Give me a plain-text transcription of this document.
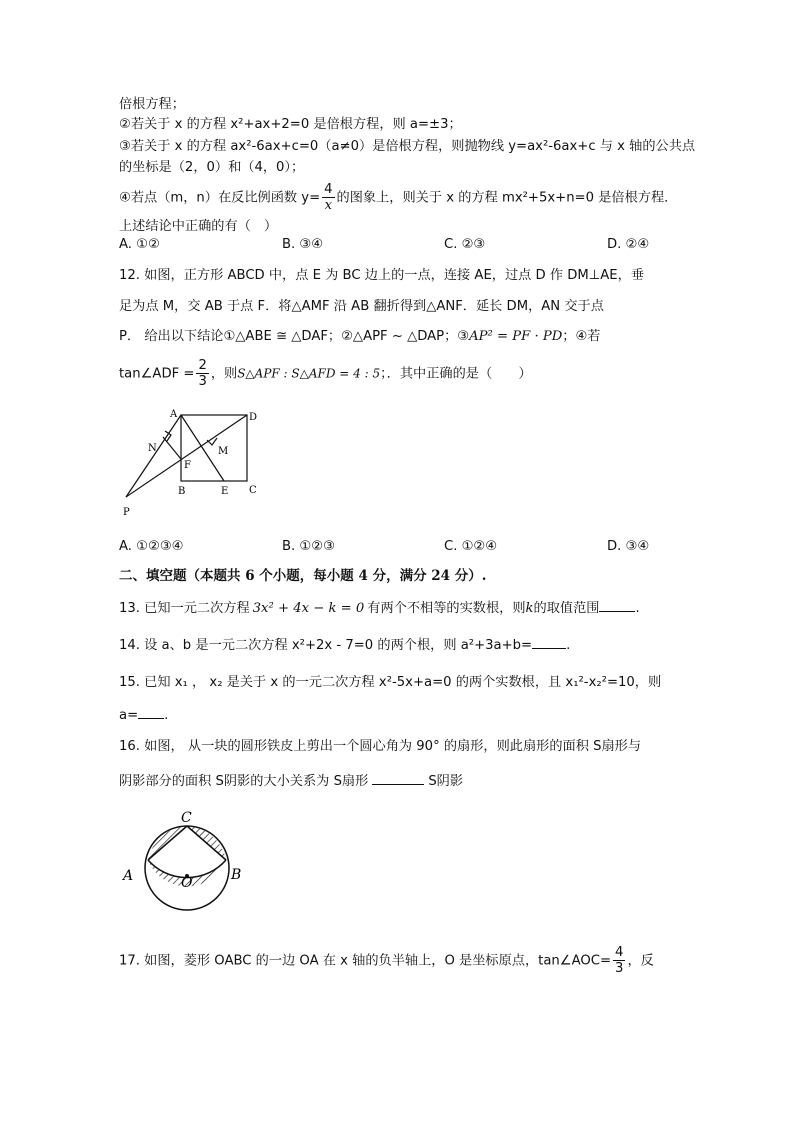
倍根方程；
②若关于 x 的方程 x²+ax+2=0 是倍根方程，则 a=±3；
③若关于 x 的方程 ax²-6ax+c=0（a≠0）是倍根方程，则抛物线 y=ax²-6ax+c 与 x 轴的公共点
的坐标是（2，0）和（4，0）；
④若点（m，n）在反比例函数 $y= \frac{4}{x}$ 的图象上，则关于 x 的方程 mx²+5x+n=0 是倍根方程．
上述结论中正确的有（　）
A. ①②	B. ③④	C. ②③	D. ②④
12. 如图，正方形 ABCD 中，点 E 为 BC 边上的一点，连接 AE，过点 D 作 DM⊥AE，垂
足为点 M，交 AB 于点 F．将△AMF 沿 AB 翻折得到△ANF．延长 DM，AN 交于点
P． 给出以下结论①△ABE ≅ △DAF；②△APF ~ △DAP；③AP² = PF · PD；④若
tan∠ADF = $\frac{2}{3}$ ，则S△APF : S△AFD = 4 : 5；．其中正确的是（　　）
A	D
B	E C
F
M
N
P
A. ①②③④	B. ①②③	C. ①②④	D. ③④
二、填空题（本题共 6 个小题，每小题 4 分，满分 24 分）.
13. 已知一元二次方程 3x² + 4x − k = 0 有两个不相等的实数根，则k的取值范围	.
14. 设 a、b 是一元二次方程 x²+2x - 7=0 的两个根，则 a²+3a+b=	.
15. 已知 x₁ ， x₂ 是关于 x 的一元二次方程 x²-5x+a=0 的两个实数根，且 x₁²-x₂²=10，则
a= .
16. 如图， 从一块的圆形铁皮上剪出一个圆心角为 90° 的扇形，则此扇形的面积 S扇形与
阴影部分的面积 S阴影的大小关系为 S扇形	S阴影
C
A	B
O
17. 如图，菱形 OABC 的一边 OA 在 x 轴的负半轴上，O 是坐标原点，tan∠AOC= $\frac{4}{3}$ ，反
